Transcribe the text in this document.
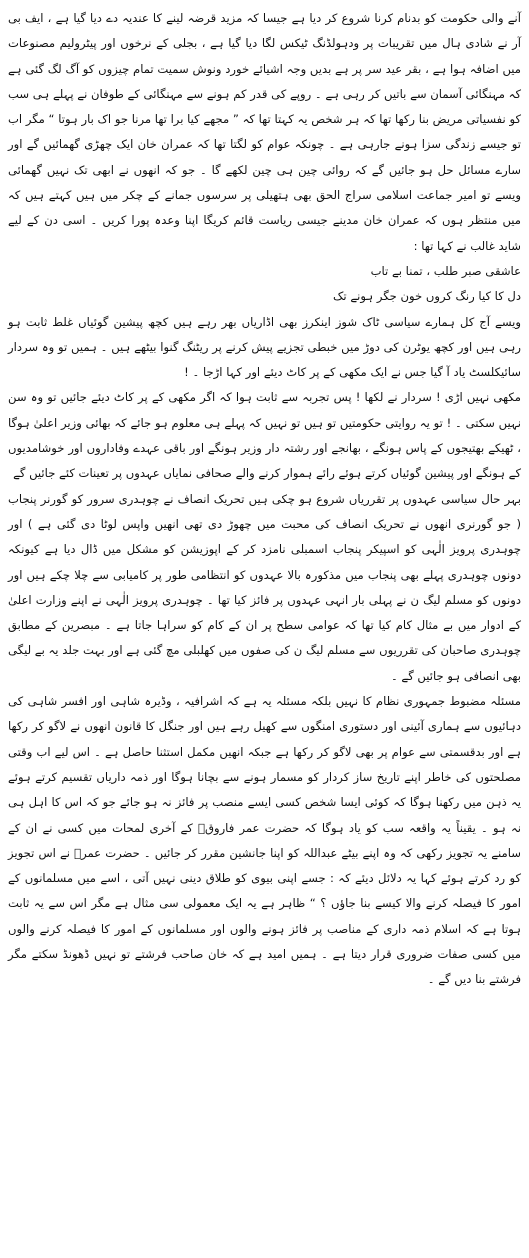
آنے والی حکومت کو بدنام کرنا شروع کر دیا ہے جیسا کہ مزید قرضہ لینے کا عندیہ دے دیا گیا ہے ، ایف بی آر نے شادی ہال میں تقریبات پر ودہولڈنگ ٹیکس لگا دیا گیا ہے ، بجلی کے نرخوں اور پیٹرولیم مصنوعات میں اضافہ ہوا ہے ، بقر عید سر پر ہے بدیں وجہ اشیائے خورد ونوش سمیت تمام چیزوں کو آگ لگ گئی ہے کہ مہنگائی آسمان سے باتیں کر رہی ہے ۔ روپے کی قدر کم ہونے سے مہنگائی کے طوفان نے پہلے ہی سب کو نفسیاتی مریض بنا رکھا تھا کہ ہر شخص یہ کہتا تھا کہ ” مجھے کیا برا تھا مرنا جو اک بار ہوتا “ مگر اب تو جیسے زندگی سزا ہونے جارہی ہے ۔ چونکہ عوام کو لگتا تھا کہ عمران خان ایک چھڑی گھمائیں گے اور سارے مسائل حل ہو جائیں گے کہ روائی چین ہی چین لکھے گا ۔ جو کہ انھوں نے ابھی تک نہیں گھمائی ویسے تو امیر جماعت اسلامی سراج الحق بھی ہتھیلی پر سرسوں جمانے کے چکر میں ہیں کہتے ہیں کہ میں منتظر ہوں کہ عمران خان مدینے جیسی ریاست قائم کریگا اپنا وعدہ پورا کریں ۔ اسی دن کے لیے شاید غالب نے کہا تھا :

عاشقی صبر طلب ، تمنا بے تاب

دل کا کیا رنگ کروں خون جگر ہونے تک

ویسے آج کل ہمارے سیاسی ٹاک شوز اینکرز بھی اڈاریاں بھر رہے ہیں کچھ پیشین گوئیاں غلط ثابت ہو رہی ہیں اور کچھ یوٹرن کی دوڑ میں خبطی تجزیے پیش کرنے پر ریٹنگ گنوا بیٹھے ہیں ۔ ہمیں تو وہ سردار سائیکلسٹ یاد آ گیا جس نے ایک مکھی کے پر کاٹ دیئے اور کہا اڑجا ۔ !

مکھی نہیں اڑی ! سردار نے لکھا ! پس تجربہ سے ثابت ہوا کہ اگر مکھی کے پر کاٹ دیئے جائیں تو وہ سن نہیں سکتی ۔ ! تو یہ روایتی حکومتیں تو ہیں تو نہیں کہ پہلے ہی معلوم ہو جائے کہ بھائی وزیر اعلیٰ ہوگا ، ٹھیکے بھتیجوں کے پاس ہونگے ، بھانجے اور رشتہ دار وزیر ہونگے اور باقی عہدے وفاداروں اور خوشامدیوں کے ہونگے اور پیشین گوئیاں کرتے ہوئے رائے ہموار کرنے والے صحافی نمایاں عہدوں پر تعینات کئے جائیں گے

بہر حال سیاسی عہدوں پر تقرریاں شروع ہو چکی ہیں تحریک انصاف نے چوہدری سرور کو گورنر پنجاب ( جو گورنری انھوں نے تحریک انصاف کی محبت میں چھوڑ دی تھی انھیں واپس لوٹا دی گئی ہے ) اور چوہدری پرویز الٰہی کو اسپیکر پنجاب اسمبلی نامزد کر کے اپوزیشن کو مشکل میں ڈال دیا ہے کیونکہ دونوں چوہدری پہلے بھی پنجاب میں مذکورہ بالا عہدوں کو انتظامی طور پر کامیابی سے چلا چکے ہیں اور دونوں کو مسلم لیگ ن نے پہلی بار انہی عہدوں پر فائز کیا تھا ۔ چوہدری پرویز الٰہی نے اپنے وزارت اعلیٰ کے ادوار میں بے مثال کام کیا تھا کہ عوامی سطح پر ان کے کام کو سراہا جاتا ہے ۔ مبصرین کے مطابق چوہدری صاحبان کی تقرریوں سے مسلم لیگ ن کی صفوں میں کھلبلی مچ گئی ہے اور بہت جلد یہ بے لیگی بھی انصافی ہو جائیں گے ۔

مسئلہ مضبوط جمہوری نظام کا نہیں بلکہ مسئلہ یہ ہے کہ اشرافیہ ، وڈیرہ شاہی اور افسر شاہی کی دہائیوں سے ہماری آئینی اور دستوری امنگوں سے کھیل رہے ہیں اور جنگل کا قانون انھوں نے لاگو کر رکھا ہے اور بدقسمتی سے عوام پر بھی لاگو کر رکھا ہے جبکہ انھیں مکمل استثنا حاصل ہے ۔ اس لیے اب وقتی مصلحتوں کی خاطر اپنے تاریخ ساز کردار کو مسمار ہونے سے بچانا ہوگا اور ذمہ داریاں تقسیم کرتے ہوئے یہ ذہن میں رکھنا ہوگا کہ کوئی ایسا شخص کسی ایسے منصب پر فائز نہ ہو جائے جو کہ اس کا اہل ہی نہ ہو ۔ یقیناً یہ واقعہ سب کو یاد ہوگا کہ حضرت عمر فاروقؓ کے آخری لمحات میں کسی نے ان کے سامنے یہ تجویز رکھی کہ وہ اپنے بیٹے عبداللہ کو اپنا جانشین مقرر کر جائیں ۔ حضرت عمرؓ نے اس تجویز کو رد کرتے ہوئے کہا یہ دلائل دیئے کہ : جسے اپنی بیوی کو طلاق دینی نہیں آتی ، اسے میں مسلمانوں کے امور کا فیصلہ کرنے والا کیسے بنا جاؤں ؟ “ ظاہر ہے یہ ایک معمولی سی مثال ہے مگر اس سے یہ ثابت ہوتا ہے کہ اسلام ذمہ داری کے مناصب پر فائز ہونے والوں اور مسلمانوں کے امور کا فیصلہ کرنے والوں میں کسی صفات ضروری قرار دیتا ہے ۔ ہمیں امید ہے کہ خان صاحب فرشتے تو نہیں ڈھونڈ سکتے مگر فرشتے بنا دیں گے ۔
